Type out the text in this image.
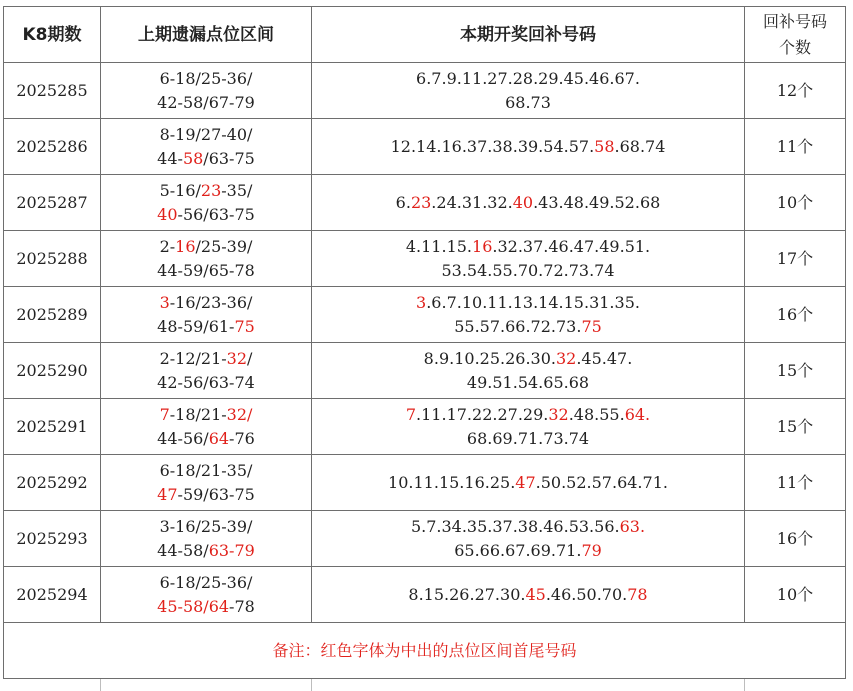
K8期数	上期遗漏点位区间	本期开奖回补号码	回补号码
个数

2025285	6-18/25-36/
42-58/67-79	6.7.9.11.27.28.29.45.46.67.
68.73	12个
2025286	8-19/27-40/
44-58/63-75	12.14.16.37.38.39.54.57.58.68.74	11个
2025287	5-16/23-35/
40-56/63-75	6.23.24.31.32.40.43.48.49.52.68	10个
2025288	2-16/25-39/
44-59/65-78	4.11.15.16.32.37.46.47.49.51.
53.54.55.70.72.73.74	17个
2025289	3-16/23-36/
48-59/61-75	3.6.7.10.11.13.14.15.31.35.
55.57.66.72.73.75	16个
2025290	2-12/21-32/
42-56/63-74	8.9.10.25.26.30.32.45.47.
49.51.54.65.68	15个
2025291	7-18/21-32/
44-56/64-76	7.11.17.22.27.29.32.48.55.64.
68.69.71.73.74	15个
2025292	6-18/21-35/
47-59/63-75	10.11.15.16.25.47.50.52.57.64.71.	11个
2025293	3-16/25-39/
44-58/63-79	5.7.34.35.37.38.46.53.56.63.
65.66.67.69.71.79	16个
2025294	6-18/25-36/
45-58/64-78	8.15.26.27.30.45.46.50.70.78	10个
备注：红色字体为中出的点位区间首尾号码			
